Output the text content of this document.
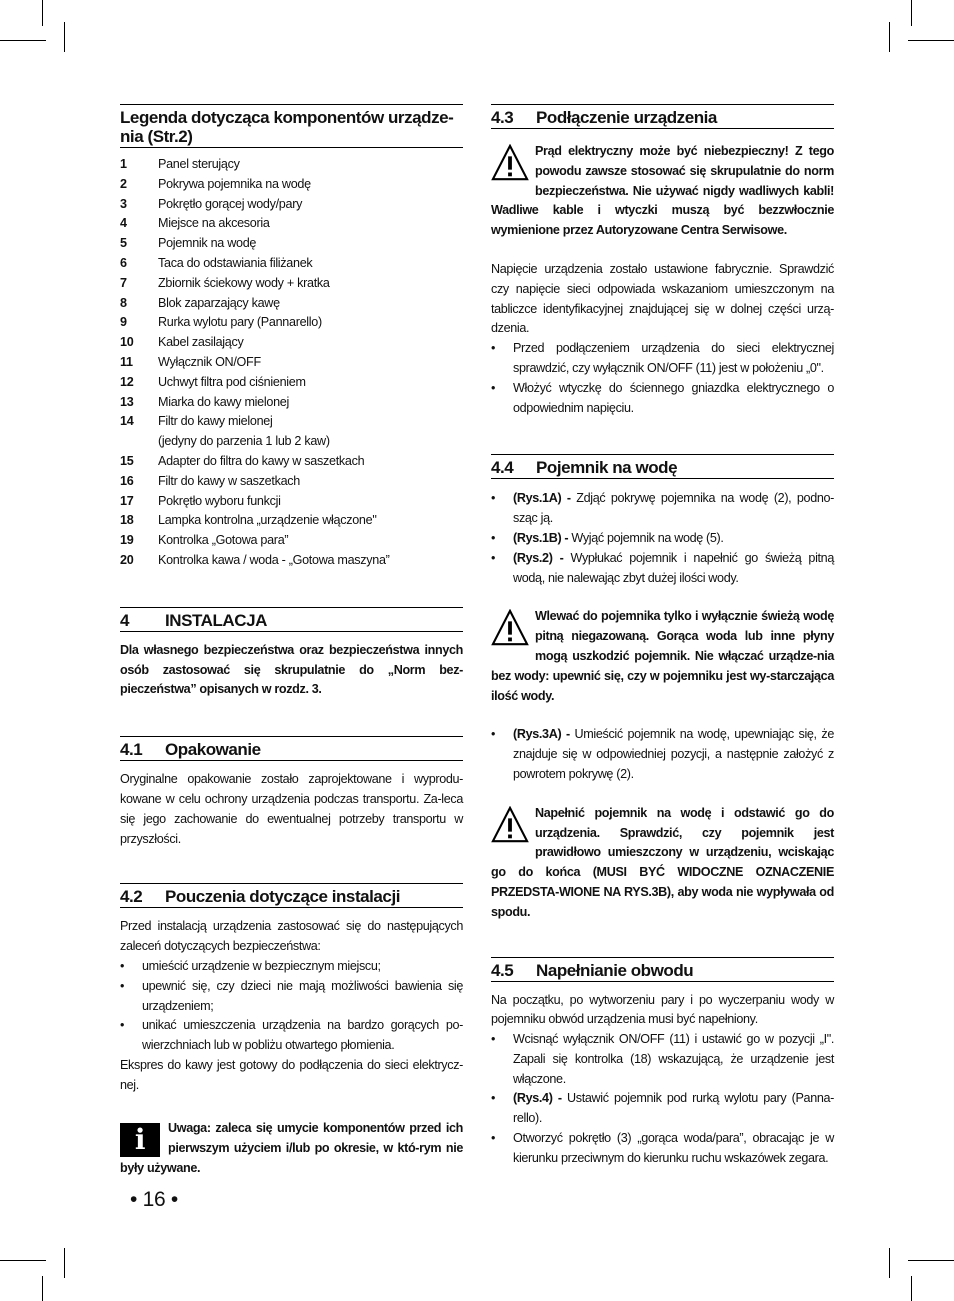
Legenda dotycząca komponentów urządze-nia (Str.2)
1	Panel sterujący
2	Pokrywa pojemnika na wodę
3	Pokrętło gorącej wody/pary
4	Miejsce na akcesoria
5	Pojemnik na wodę
6	Taca do odstawiania filiżanek
7	Zbiornik ściekowy wody + kratka
8	Blok zaparzający kawę
9	Rurka wylotu pary (Pannarello)
10	Kabel zasilający
11	Wyłącznik ON/OFF
12	Uchwyt filtra pod ciśnieniem
13	Miarka do kawy mielonej
14	Filtr do kawy mielonej
(jedyny do parzenia 1 lub 2 kaw)
15	Adapter do filtra do kawy w saszetkach
16	Filtr do kawy w saszetkach
17	Pokrętło wyboru funkcji
18	Lampka kontrolna „urządzenie włączone"
19	Kontrolka „Gotowa para”
20	Kontrolka kawa / woda - „Gotowa maszyna”
4 INSTALACJA

Dla własnego bezpieczeństwa oraz bezpieczeństwa innych osób zastosować się skrupulatnie do „Norm bez-pieczeństwa” opisanych w rozdz. 3.

4.1 Opakowanie

Oryginalne opakowanie zostało zaprojektowane i wyprodu-kowane w celu ochrony urządzenia podczas transportu. Za-leca się jego zachowanie do ewentualnej potrzeby transportu w przyszłości.

4.2 Pouczenia dotyczące instalacji

Przed instalacją urządzenia zastosować się do następujących zaleceń dotyczących bezpieczeństwa:

• umieścić urządzenie w bezpiecznym miejscu;
• upewnić się, czy dzieci nie mają możliwości bawienia się urządzeniem;
• unikać umieszczenia urządzenia na bardzo gorących po-wierzchniach lub w pobliżu otwartego płomienia.

Ekspres do kawy jest gotowy do podłączenia do sieci elektrycz-nej.

i	Uwaga: zaleca się umycie komponentów przed ich pierwszym użyciem i/lub po okresie, w któ-rym nie były używane.
4.3 Podłączenie urządzenia
Prąd elektryczny może być niebezpieczny! Z tego powodu zawsze stosować się skrupulatnie do norm bezpieczeństwa. Nie używać nigdy wadliwych kabli! Wadliwe kable i wtyczki muszą być bezzwłocznie wymienione przez Autoryzowane Centra Serwisowe.

Napięcie urządzenia zostało ustawione fabrycznie. Sprawdzić czy napięcie sieci odpowiada wskazaniom umieszczonym na tabliczce identyfikacyjnej znajdującej się w dolnej części urzą-dzenia.

• Przed podłączeniem urządzenia do sieci elektrycznej sprawdzić, czy wyłącznik ON/OFF (11) jest w położeniu „0".
• Włożyć wtyczkę do ściennego gniazdka elektrycznego o odpowiednim napięciu.
4.4 Pojemnik na wodę
• (Rys.1A) - Zdjąć pokrywę pojemnika na wodę (2), podno-sząc ją.
• (Rys.1B) - Wyjąć pojemnik na wodę (5).
• (Rys.2) - Wypłukać pojemnik i napełnić go świeżą pitną wodą, nie nalewając zbyt dużej ilości wody.
Wlewać do pojemnika tylko i wyłącznie świeżą wodę pitną niegazowaną. Gorąca woda lub inne płyny mogą uszkodzić pojemnik. Nie włączać urządze-nia bez wody: upewnić się, czy w pojemniku jest wy-starczająca ilość wody.
• (Rys.3A) - Umieścić pojemnik na wodę, upewniając się, że znajduje się w odpowiedniej pozycji, a następnie założyć z powrotem pokrywę (2).
Napełnić pojemnik na wodę i odstawić go do urządzenia. Sprawdzić, czy pojemnik jest prawidłowo umieszczony w urządzeniu, wciskając go do końca (MUSI BYĆ WIDOCZNE OZNACZENIE PRZEDSTA-WIONE NA RYS.3B), aby woda nie wypływała od spodu.
4.5 Napełnianie obwodu

Na początku, po wytworzeniu pary i po wyczerpaniu wody w pojemniku obwód urządzenia musi być napełniony.

• Wcisnąć wyłącznik ON/OFF (11) i ustawić go w pozycji „I". Zapali się kontrolka (18) wskazującą, że urządzenie jest włączone.
• (Rys.4) - Ustawić pojemnik pod rurką wylotu pary (Panna-rello).
• Otworzyć pokrętło (3) „gorąca woda/para”, obracając je w kierunku przeciwnym do kierunku ruchu wskazówek zegara.
• 16 •
